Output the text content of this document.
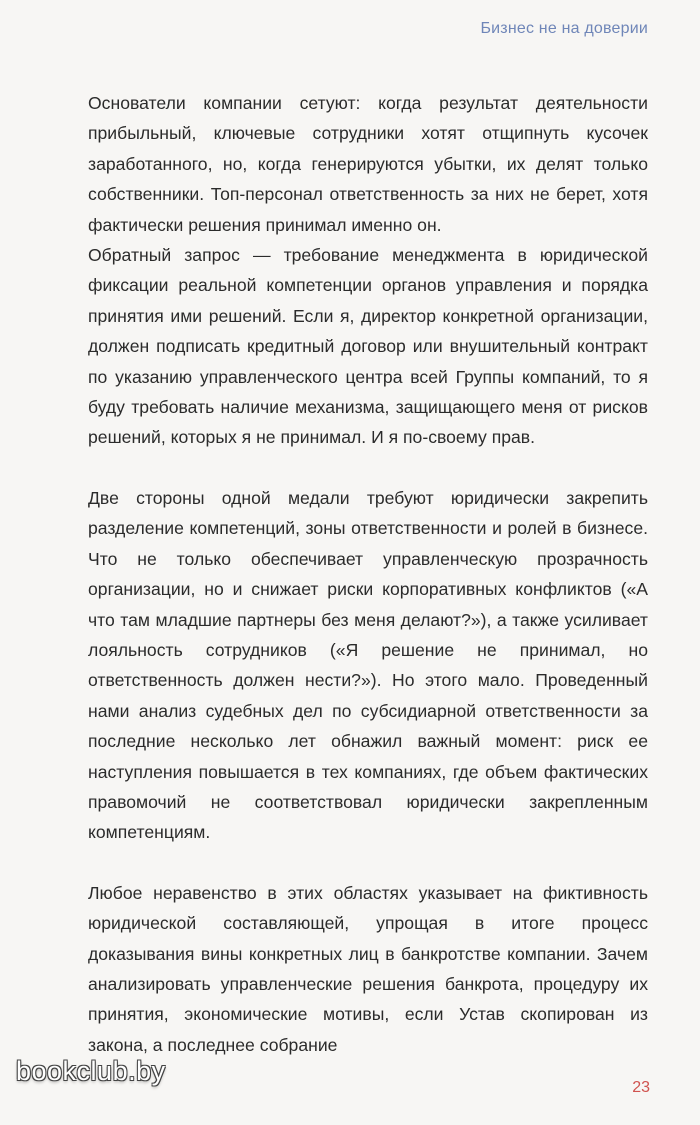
Бизнес не на доверии

Основатели компании сетуют: когда результат деятельности прибыльный, ключевые сотрудники хотят отщипнуть кусочек заработанного, но, когда генерируются убытки, их делят только собственники. Топ-персонал ответственность за них не берет, хотя фактически решения принимал именно он.

Обратный запрос — требование менеджмента в юридической фиксации реальной компетенции органов управления и порядка принятия ими решений. Если я, директор конкретной организации, должен подписать кредитный договор или внушительный контракт по указанию управленческого центра всей Группы компаний, то я буду требовать наличие механизма, защищающего меня от рисков решений, которых я не принимал. И я по-своему прав.

Две стороны одной медали требуют юридически закрепить разделение компетенций, зоны ответственности и ролей в бизнесе. Что не только обеспечивает управленческую прозрачность организации, но и снижает риски корпоративных конфликтов («А что там младшие партнеры без меня делают?»), а также усиливает лояльность сотрудников («Я решение не принимал, но ответственность должен нести?»). Но этого мало. Проведенный нами анализ судебных дел по субсидиарной ответственности за последние несколько лет обнажил важный момент: риск ее наступления повышается в тех компаниях, где объем фактических правомочий не соответствовал юридически закрепленным компетенциям.

Любое неравенство в этих областях указывает на фиктивность юридической составляющей, упрощая в итоге процесс доказывания вины конкретных лиц в банкротстве компании. Зачем анализировать управленческие решения банкрота, процедуру их принятия, экономические мотивы, если Устав скопирован из закона, а последнее собрание

bookclub.by
23
